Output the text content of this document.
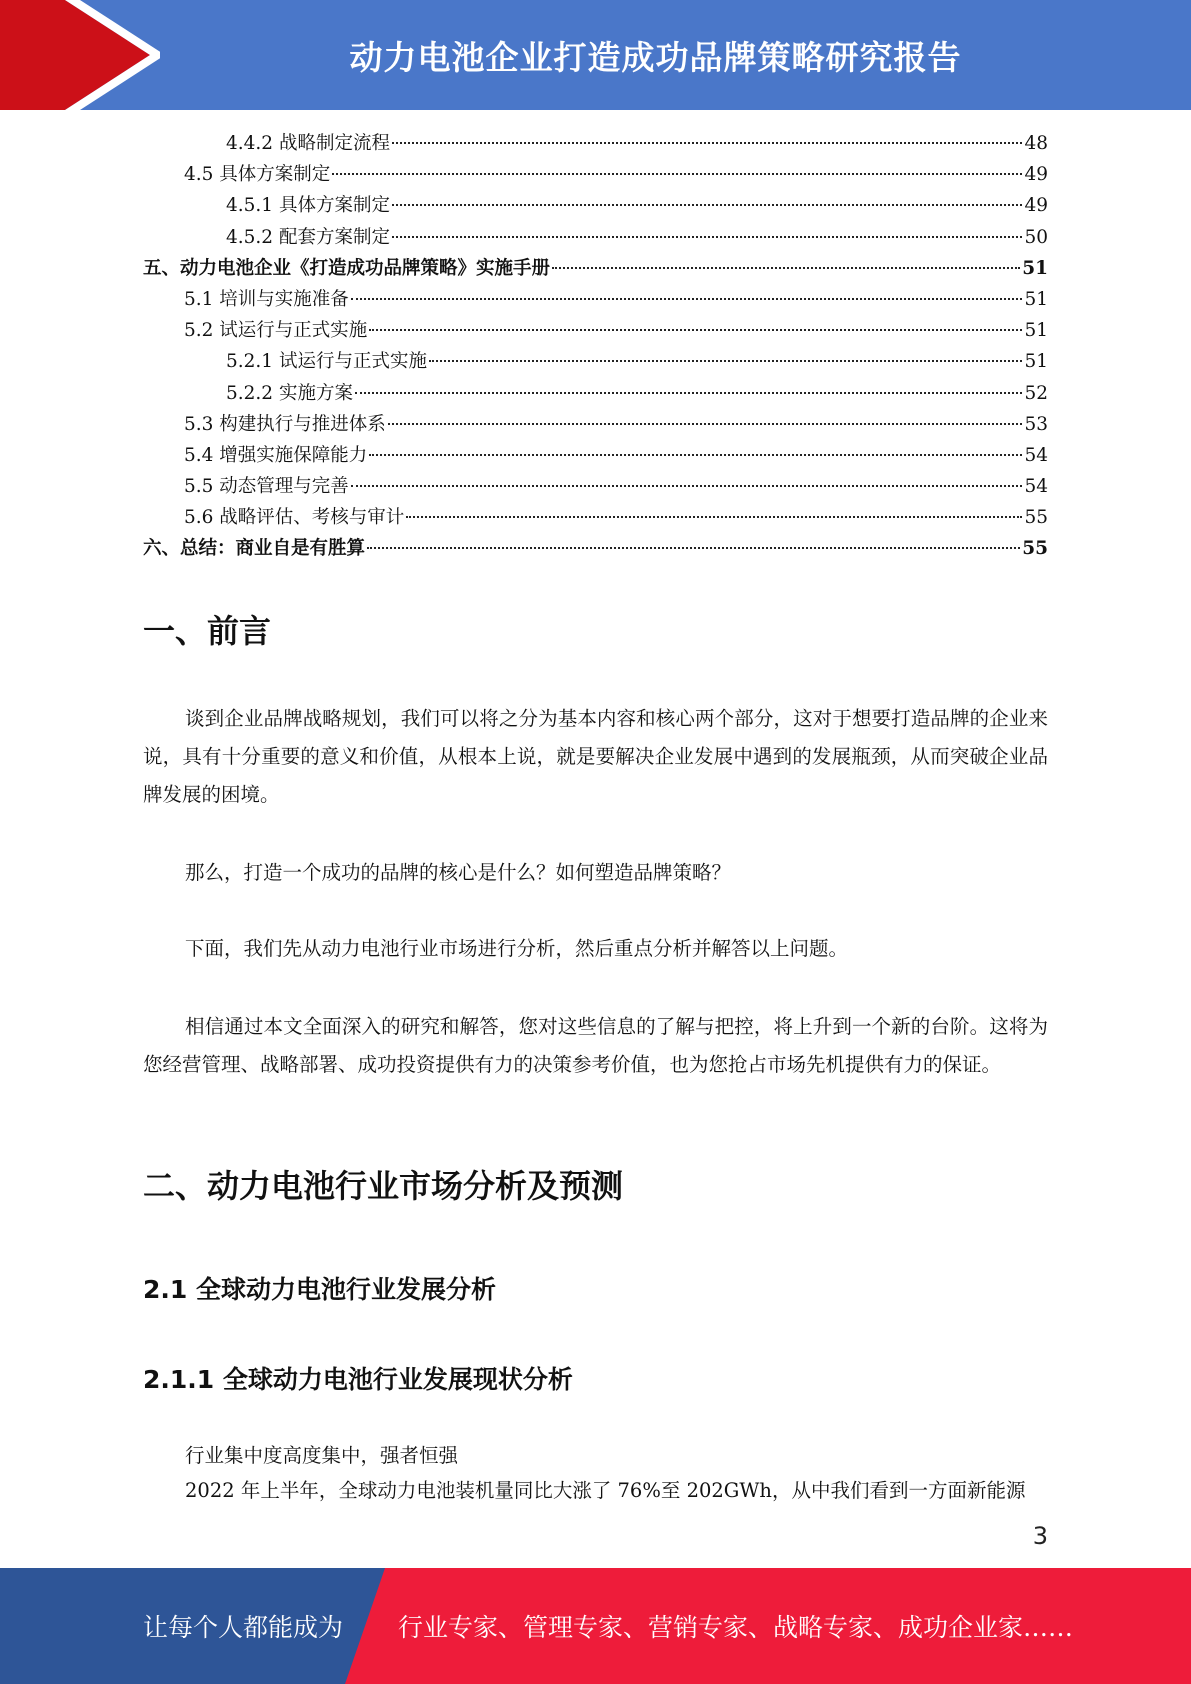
动力电池企业打造成功品牌策略研究报告
4.4.2 战略制定流程	48
4.5 具体方案制定	49
4.5.1 具体方案制定	49
4.5.2 配套方案制定	50
五、动力电池企业《打造成功品牌策略》实施手册	51
5.1 培训与实施准备	51
5.2 试运行与正式实施	51
5.2.1 试运行与正式实施	51
5.2.2 实施方案	52
5.3 构建执行与推进体系	53
5.4 增强实施保障能力	54
5.5 动态管理与完善	54
5.6 战略评估、考核与审计	55
六、总结：商业自是有胜算	55
一、前言

谈到企业品牌战略规划，我们可以将之分为基本内容和核心两个部分，这对于想要打造品牌的企业来说，具有十分重要的意义和价值，从根本上说，就是要解决企业发展中遇到的发展瓶颈，从而突破企业品牌发展的困境。

那么，打造一个成功的品牌的核心是什么？如何塑造品牌策略？

下面，我们先从动力电池行业市场进行分析，然后重点分析并解答以上问题。

相信通过本文全面深入的研究和解答，您对这些信息的了解与把控，将上升到一个新的台阶。这将为您经营管理、战略部署、成功投资提供有力的决策参考价值，也为您抢占市场先机提供有力的保证。

二、动力电池行业市场分析及预测
2.1 全球动力电池行业发展分析
2.1.1 全球动力电池行业发展现状分析

行业集中度高度集中，强者恒强

2022 年上半年，全球动力电池装机量同比大涨了 76%至 202GWh，从中我们看到一方面新能源

3
让每个人都能成为 行业专家、管理专家、营销专家、战略专家、成功企业家……
